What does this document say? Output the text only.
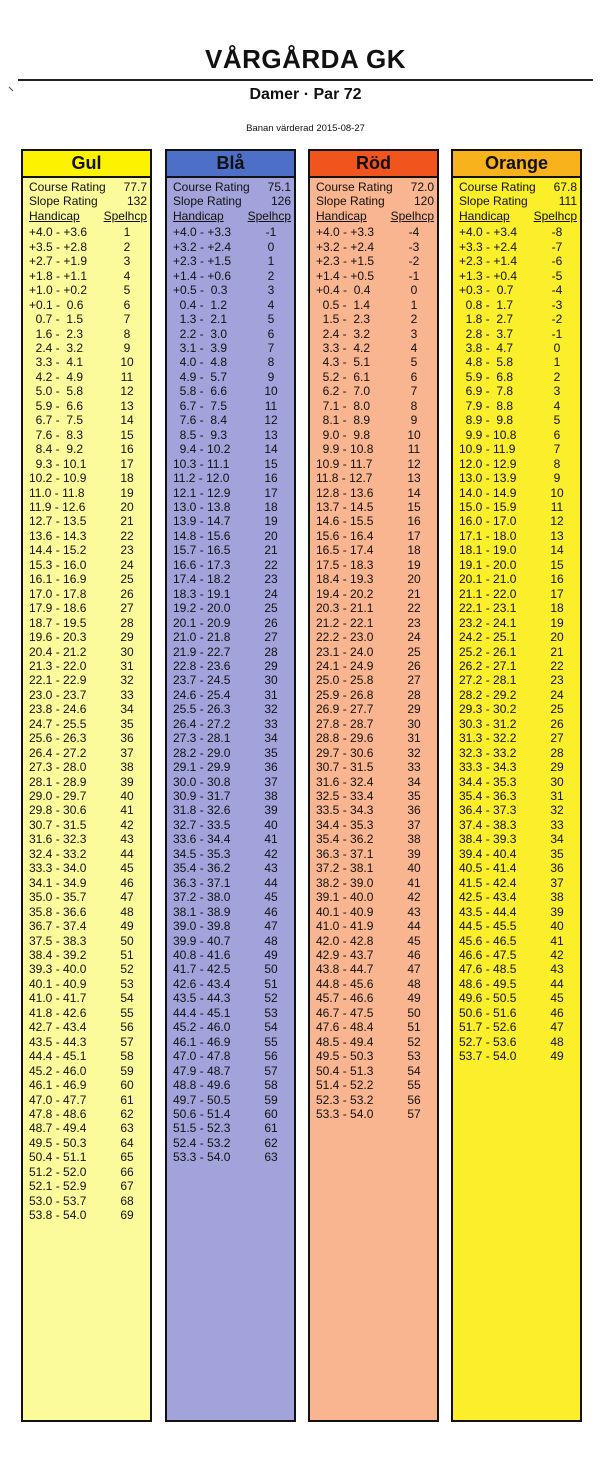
VÅRGÅRDA GK
Damer · Par 72
Banan värderad 2015-08-27
Gul
Course Rating 77.7
Slope Rating 132
Handicap Spelhcp
+4.0 - +3.6	1
+3.5 - +2.8	2
+2.7 - +1.9	3
+1.8 - +1.1	4
+1.0 - +0.2	5
+0.1 -  0.6	6
0.7 -  1.5	7
1.6 -  2.3	8
2.4 -  3.2	9
3.3 -  4.1	10
4.2 -  4.9	11
5.0 -  5.8	12
5.9 -  6.6	13
6.7 -  7.5	14
7.6 -  8.3	15
8.4 -  9.2	16
9.3 - 10.1	17
10.2 - 10.9	18
11.0 - 11.8	19
11.9 - 12.6	20
12.7 - 13.5	21
13.6 - 14.3	22
14.4 - 15.2	23
15.3 - 16.0	24
16.1 - 16.9	25
17.0 - 17.8	26
17.9 - 18.6	27
18.7 - 19.5	28
19.6 - 20.3	29
20.4 - 21.2	30
21.3 - 22.0	31
22.1 - 22.9	32
23.0 - 23.7	33
23.8 - 24.6	34
24.7 - 25.5	35
25.6 - 26.3	36
26.4 - 27.2	37
27.3 - 28.0	38
28.1 - 28.9	39
29.0 - 29.7	40
29.8 - 30.6	41
30.7 - 31.5	42
31.6 - 32.3	43
32.4 - 33.2	44
33.3 - 34.0	45
34.1 - 34.9	46
35.0 - 35.7	47
35.8 - 36.6	48
36.7 - 37.4	49
37.5 - 38.3	50
38.4 - 39.2	51
39.3 - 40.0	52
40.1 - 40.9	53
41.0 - 41.7	54
41.8 - 42.6	55
42.7 - 43.4	56
43.5 - 44.3	57
44.4 - 45.1	58
45.2 - 46.0	59
46.1 - 46.9	60
47.0 - 47.7	61
47.8 - 48.6	62
48.7 - 49.4	63
49.5 - 50.3	64
50.4 - 51.1	65
51.2 - 52.0	66
52.1 - 52.9	67
53.0 - 53.7	68
53.8 - 54.0	69
Blå
Course Rating 75.1
Slope Rating 126
Handicap Spelhcp
+4.0 - +3.3	-1
+3.2 - +2.4	0
+2.3 - +1.5	1
+1.4 - +0.6	2
+0.5 -  0.3	3
0.4 -  1.2	4
1.3 -  2.1	5
2.2 -  3.0	6
3.1 -  3.9	7
4.0 -  4.8	8
4.9 -  5.7	9
5.8 -  6.6	10
6.7 -  7.5	11
7.6 -  8.4	12
8.5 -  9.3	13
9.4 - 10.2	14
10.3 - 11.1	15
11.2 - 12.0	16
12.1 - 12.9	17
13.0 - 13.8	18
13.9 - 14.7	19
14.8 - 15.6	20
15.7 - 16.5	21
16.6 - 17.3	22
17.4 - 18.2	23
18.3 - 19.1	24
19.2 - 20.0	25
20.1 - 20.9	26
21.0 - 21.8	27
21.9 - 22.7	28
22.8 - 23.6	29
23.7 - 24.5	30
24.6 - 25.4	31
25.5 - 26.3	32
26.4 - 27.2	33
27.3 - 28.1	34
28.2 - 29.0	35
29.1 - 29.9	36
30.0 - 30.8	37
30.9 - 31.7	38
31.8 - 32.6	39
32.7 - 33.5	40
33.6 - 34.4	41
34.5 - 35.3	42
35.4 - 36.2	43
36.3 - 37.1	44
37.2 - 38.0	45
38.1 - 38.9	46
39.0 - 39.8	47
39.9 - 40.7	48
40.8 - 41.6	49
41.7 - 42.5	50
42.6 - 43.4	51
43.5 - 44.3	52
44.4 - 45.1	53
45.2 - 46.0	54
46.1 - 46.9	55
47.0 - 47.8	56
47.9 - 48.7	57
48.8 - 49.6	58
49.7 - 50.5	59
50.6 - 51.4	60
51.5 - 52.3	61
52.4 - 53.2	62
53.3 - 54.0	63
Röd
Course Rating 72.0
Slope Rating 120
Handicap Spelhcp
+4.0 - +3.3	-4
+3.2 - +2.4	-3
+2.3 - +1.5	-2
+1.4 - +0.5	-1
+0.4 -  0.4	0
0.5 -  1.4	1
1.5 -  2.3	2
2.4 -  3.2	3
3.3 -  4.2	4
4.3 -  5.1	5
5.2 -  6.1	6
6.2 -  7.0	7
7.1 -  8.0	8
8.1 -  8.9	9
9.0 -  9.8	10
9.9 - 10.8	11
10.9 - 11.7	12
11.8 - 12.7	13
12.8 - 13.6	14
13.7 - 14.5	15
14.6 - 15.5	16
15.6 - 16.4	17
16.5 - 17.4	18
17.5 - 18.3	19
18.4 - 19.3	20
19.4 - 20.2	21
20.3 - 21.1	22
21.2 - 22.1	23
22.2 - 23.0	24
23.1 - 24.0	25
24.1 - 24.9	26
25.0 - 25.8	27
25.9 - 26.8	28
26.9 - 27.7	29
27.8 - 28.7	30
28.8 - 29.6	31
29.7 - 30.6	32
30.7 - 31.5	33
31.6 - 32.4	34
32.5 - 33.4	35
33.5 - 34.3	36
34.4 - 35.3	37
35.4 - 36.2	38
36.3 - 37.1	39
37.2 - 38.1	40
38.2 - 39.0	41
39.1 - 40.0	42
40.1 - 40.9	43
41.0 - 41.9	44
42.0 - 42.8	45
42.9 - 43.7	46
43.8 - 44.7	47
44.8 - 45.6	48
45.7 - 46.6	49
46.7 - 47.5	50
47.6 - 48.4	51
48.5 - 49.4	52
49.5 - 50.3	53
50.4 - 51.3	54
51.4 - 52.2	55
52.3 - 53.2	56
53.3 - 54.0	57
Orange
Course Rating 67.8
Slope Rating	111
Handicap Spelhcp
+4.0 - +3.4	-8
+3.3 - +2.4	-7
+2.3 - +1.4	-6
+1.3 - +0.4	-5
+0.3 -  0.7	-4
0.8 -  1.7	-3
1.8 -  2.7	-2
2.8 -  3.7	-1
3.8 -  4.7	0
4.8 -  5.8	1
5.9 -  6.8	2
6.9 -  7.8	3
7.9 -  8.8	4
8.9 -  9.8	5
9.9 - 10.8	6
10.9 - 11.9	7
12.0 - 12.9	8
13.0 - 13.9	9
14.0 - 14.9	10
15.0 - 15.9	11
16.0 - 17.0	12
17.1 - 18.0	13
18.1 - 19.0	14
19.1 - 20.0	15
20.1 - 21.0	16
21.1 - 22.0	17
22.1 - 23.1	18
23.2 - 24.1	19
24.2 - 25.1	20
25.2 - 26.1	21
26.2 - 27.1	22
27.2 - 28.1	23
28.2 - 29.2	24
29.3 - 30.2	25
30.3 - 31.2	26
31.3 - 32.2	27
32.3 - 33.2	28
33.3 - 34.3	29
34.4 - 35.3	30
35.4 - 36.3	31
36.4 - 37.3	32
37.4 - 38.3	33
38.4 - 39.3	34
39.4 - 40.4	35
40.5 - 41.4	36
41.5 - 42.4	37
42.5 - 43.4	38
43.5 - 44.4	39
44.5 - 45.5	40
45.6 - 46.5	41
46.6 - 47.5	42
47.6 - 48.5	43
48.6 - 49.5	44
49.6 - 50.5	45
50.6 - 51.6	46
51.7 - 52.6	47
52.7 - 53.6	48
53.7 - 54.0	49
